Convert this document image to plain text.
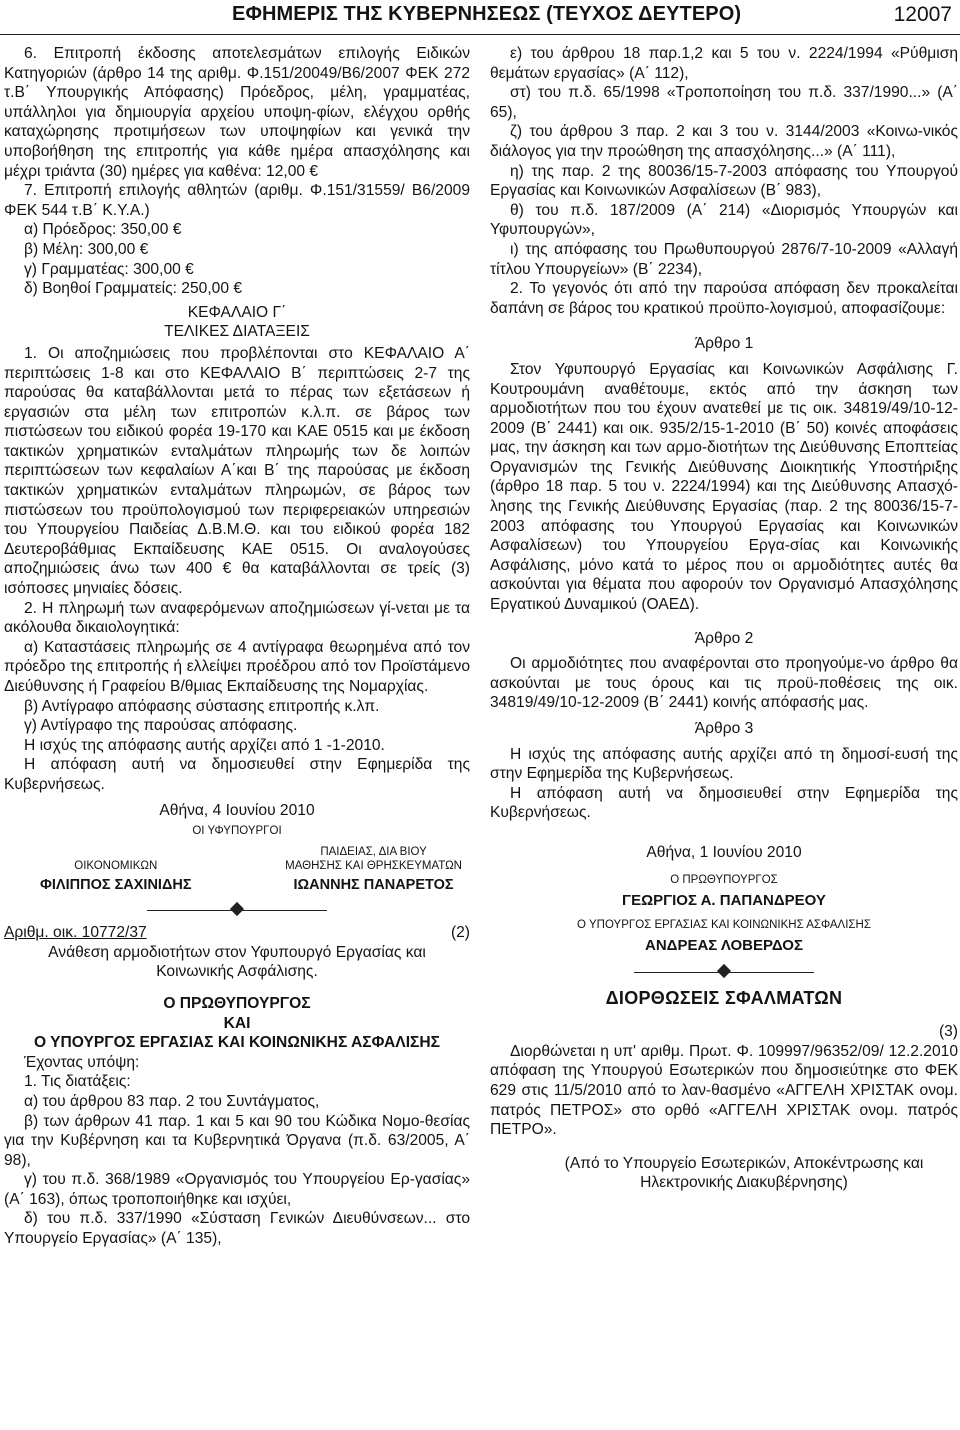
ΕΦΗΜΕΡΙΣ ΤΗΣ ΚΥΒΕΡΝΗΣΕΩΣ (ΤΕΥΧΟΣ ΔΕΥΤΕΡΟ)	12007

6. Επιτροπή έκδοσης αποτελεσμάτων επιλογής Ειδικών Κατηγοριών (άρθρο 14 της αριθμ. Φ.151/20049/Β6/2007 ΦΕΚ 272 τ.Β΄ Υπουργικής Απόφασης) Πρόεδρος, μέλη, γραμματέας, υπάλληλοι για δημιουργία αρχείου υποψη-φίων, ελέγχου ορθής καταχώρησης προτιμήσεων των υποψηφίων και γενικά την υποβοήθηση της επιτροπής για κάθε ημέρα απασχόλησης και μέχρι τριάντα (30) ημέρες για καθένα: 12,00 €

7. Επιτροπή επιλογής αθλητών (αριθμ. Φ.151/31559/ Β6/2009 ΦΕΚ 544 τ.Β΄ Κ.Υ.Α.)

α) Πρόεδρος: 350,00 €

β) Μέλη: 300,00 €

γ) Γραμματέας: 300,00 €

δ) Βοηθοί Γραμματείς: 250,00 €

ΚΕΦΑΛΑΙΟ Γ΄

ΤΕΛΙΚΕΣ ΔΙΑΤΑΞΕΙΣ

1. Οι αποζημιώσεις που προβλέπονται στο ΚΕΦΑΛΑΙΟ Α΄ περιπτώσεις 1-8 και στο ΚΕΦΑΛΑΙΟ Β΄ περιπτώσεις 2-7 της παρούσας θα καταβάλλονται μετά το πέρας των εξετάσεων ή εργασιών στα μέλη των επιτροπών κ.λ.π. σε βάρος των πιστώσεων του ειδικού φορέα 19-170 και ΚΑΕ 0515 και με έκδοση τακτικών χρηματικών ενταλμάτων πληρωμής των δε λοιπών περιπτώσεων των κεφαλαίων Α΄και Β΄ της παρούσας με έκδοση τακτικών χρηματικών ενταλμάτων πληρωμών, σε βάρος των πιστώσεων του προϋπολογισμού των περιφερειακών υπηρεσιών του Υπουργείου Παιδείας Δ.Β.Μ.Θ. και του ειδικού φορέα 182 Δευτεροβάθμιας Εκπαίδευσης ΚΑΕ 0515. Οι αναλογούσες αποζημιώσεις άνω των 400 € θα καταβάλλονται σε τρείς (3) ισόποσες μηνιαίες δόσεις.

2. Η πληρωμή των αναφερόμενων αποζημιώσεων γί-νεται με τα ακόλουθα δικαιολογητικά:

α) Καταστάσεις πληρωμής σε 4 αντίγραφα θεωρημένα από τον πρόεδρο της επιτροπής ή ελλείψει προέδρου από τον Προϊστάμενο Διεύθυνσης ή Γραφείου Β/θμιας Εκπαίδευσης της Νομαρχίας.

β) Αντίγραφο απόφασης σύστασης επιτροπής κ.λπ.

γ) Αντίγραφο της παρούσας απόφασης.

Η ισχύς της απόφασης αυτής αρχίζει από 1 -1-2010.

Η απόφαση αυτή να δημοσιευθεί στην Εφημερίδα της Κυβερνήσεως.

Αθήνα, 4 Ιουνίου 2010

ΟΙ ΥΦΥΠΟΥΡΓΟΙ

ΟΙΚΟΝΟΜΙΚΩΝ
ΦΙΛΙΠΠΟΣ ΣΑΧΙΝΙΔΗΣ
ΠΑΙΔΕΙΑΣ, ΔΙΑ ΒΙΟΥ
ΜΑΘΗΣΗΣ ΚΑΙ ΘΡΗΣΚΕΥΜΑΤΩΝ
ΙΩΑΝΝΗΣ ΠΑΝΑΡΕΤΟΣ
Αριθμ. οικ. 10772/37	(2)

Ανάθεση αρμοδιοτήτων στον Υφυπουργό Εργασίας και Κοινωνικής Ασφάλισης.

Ο ΠΡΩΘΥΠΟΥΡΓΟΣ

ΚΑΙ

Ο ΥΠΟΥΡΓΟΣ ΕΡΓΑΣΙΑΣ ΚΑΙ ΚΟΙΝΩΝΙΚΗΣ ΑΣΦΑΛΙΣΗΣ

Έχοντας υπόψη:

1. Τις διατάξεις:

α) του άρθρου 83 παρ. 2 του Συντάγματος,

β) των άρθρων 41 παρ. 1 και 5 και 90 του Κώδικα Νομο-θεσίας για την Κυβέρνηση και τα Κυβερνητικά Όργανα (π.δ. 63/2005, Α΄ 98),

γ) του π.δ. 368/1989 «Οργανισμός του Υπουργείου Ερ-γασίας» (Α΄ 163), όπως τροποποιήθηκε και ισχύει,

δ) του π.δ. 337/1990 «Σύσταση Γενικών Διευθύνσεων... στο Υπουργείο Εργασίας» (Α΄ 135),

ε) του άρθρου 18 παρ.1,2 και 5 του ν. 2224/1994 «Ρύθμιση θεμάτων εργασίας» (Α΄ 112),

στ) του π.δ. 65/1998 «Τροποποίηση του π.δ. 337/1990...» (Α΄ 65),

ζ) του άρθρου 3 παρ. 2 και 3 του ν. 3144/2003 «Κοινω-νικός διάλογος για την προώθηση της απασχόλησης...» (Α΄ 111),

η) της παρ. 2 της 80036/15-7-2003 απόφασης του Υπουργού Εργασίας και Κοινωνικών Ασφαλίσεων (Β΄ 983),

θ) του π.δ. 187/2009 (Α΄ 214) «Διορισμός Υπουργών και Υφυπουργών»,

ι) της απόφασης του Πρωθυπουργού 2876/7-10-2009 «Αλλαγή τίτλου Υπουργείων» (Β΄ 2234),

2. Το γεγονός ότι από την παρούσα απόφαση δεν προκαλείται δαπάνη σε βάρος του κρατικού προϋπο-λογισμού, αποφασίζουμε:

Άρθρο 1

Στον Υφυπουργό Εργασίας και Κοινωνικών Ασφάλισης Γ. Κουτρουμάνη αναθέτουμε, εκτός από την άσκηση των αρμοδιοτήτων που του έχουν ανατεθεί με τις οικ. 34819/49/10-12-2009 (Β΄ 2441) και οικ. 935/2/15-1-2010 (Β΄ 50) κοινές αποφάσεις μας, την άσκηση και των αρμο-διοτήτων της Διεύθυνσης Εποπτείας Οργανισμών της Γενικής Διεύθυνσης Διοικητικής Υποστήριξης (άρθρο 18 παρ. 5 του ν. 2224/1994) και της Διεύθυνσης Απασχό-λησης της Γενικής Διεύθυνσης Εργασίας (παρ. 2 της 80036/15-7-2003 απόφασης του Υπουργού Εργασίας και Κοινωνικών Ασφαλίσεων) του Υπουργείου Εργα-σίας και Κοινωνικής Ασφάλισης, μόνο κατά το μέρος που οι αρμοδιότητες αυτές θα ασκούνται για θέματα που αφορούν τον Οργανισμό Απασχόλησης Εργατικού Δυναμικού (ΟΑΕΔ).

Άρθρο 2

Οι αρμοδιότητες που αναφέρονται στο προηγούμε-νο άρθρο θα ασκούνται με τους όρους και τις προϋ-ποθέσεις της οικ. 34819/49/10-12-2009 (Β΄ 2441) κοινής απόφασής μας.

Άρθρο 3

Η ισχύς της απόφασης αυτής αρχίζει από τη δημοσί-ευσή της στην Εφημερίδα της Κυβερνήσεως.

Η απόφαση αυτή να δημοσιευθεί στην Εφημερίδα της Κυβερνήσεως.

Αθήνα, 1 Ιουνίου 2010

Ο ΠΡΩΘΥΠΟΥΡΓΟΣ

ΓΕΩΡΓΙΟΣ Α. ΠΑΠΑΝΔΡΕΟΥ

Ο ΥΠΟΥΡΓΟΣ ΕΡΓΑΣΙΑΣ ΚΑΙ ΚΟΙΝΩΝΙΚΗΣ ΑΣΦΑΛΙΣΗΣ

ΑΝΔΡΕΑΣ ΛΟΒΕΡΔΟΣ

ΔΙΟΡΘΩΣΕΙΣ ΣΦΑΛΜΑΤΩΝ

(3)

Διορθώνεται η υπ' αριθμ. Πρωτ. Φ. 109997/96352/09/ 12.2.2010 απόφαση της Υπουργού Εσωτερικών που δημοσιεύτηκε στο ΦΕΚ 629 στις 11/5/2010 από το λαν-θασμένο «ΑΓΓΕΛΗ ΧΡΙΣΤΑΚ ονομ. πατρός ΠΕΤΡΟΣ» στο ορθό «ΑΓΓΕΛΗ ΧΡΙΣΤΑΚ ονομ. πατρός ΠΕΤΡΟ».

(Από το Υπουργείο Εσωτερικών, Αποκέντρωσης και Ηλεκτρονικής Διακυβέρνησης)
